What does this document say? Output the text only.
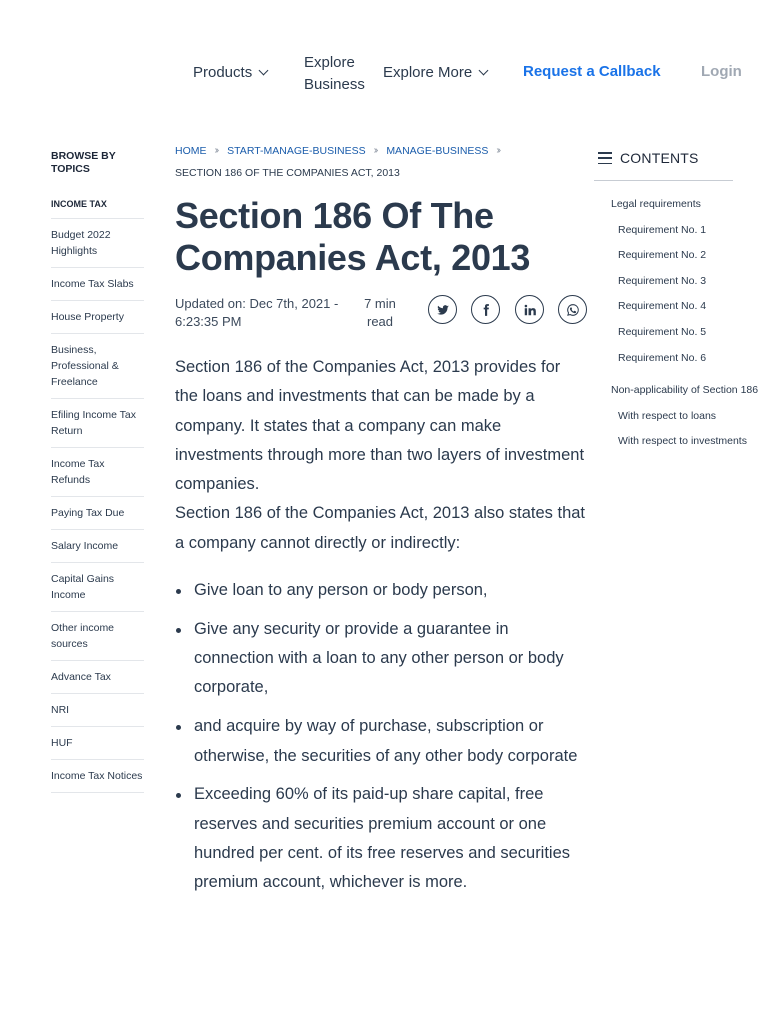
Products
Explore Business
Explore More	Request a Callback	Login
BROWSE BY TOPICS
INCOME TAX
Budget 2022 Highlights
Income Tax Slabs
House Property
Business, Professional & Freelance
Efiling Income Tax Return
Income Tax Refunds
Paying Tax Due
Salary Income
Capital Gains Income
Other income sources
Advance Tax
NRI
HUF
Income Tax Notices
HOME ›› START-MANAGE-BUSINESS ›› MANAGE-BUSINESS ››
SECTION 186 OF THE COMPANIES ACT, 2013
Section 186 Of The Companies Act, 2013
Updated on: Dec 7th, 2021 - 6:23:35 PM
7 min read

Section 186 of the Companies Act, 2013 provides for the loans and investments that can be made by a company. It states that a company can make investments through more than two layers of investment companies.

Section 186 of the Companies Act, 2013 also states that a company cannot directly or indirectly:

Give loan to any person or body person,
Give any security or provide a guarantee in connection with a loan to any other person or body corporate,
and acquire by way of purchase, subscription or otherwise, the securities of any other body corporate
Exceeding 60% of its paid-up share capital, free reserves and securities premium account or one hundred per cent. of its free reserves and securities premium account, whichever is more.
CONTENTS
Legal requirements
Requirement No. 1
Requirement No. 2
Requirement No. 3
Requirement No. 4
Requirement No. 5
Requirement No. 6
Non-applicability of Section 186
With respect to loans
With respect to investments
